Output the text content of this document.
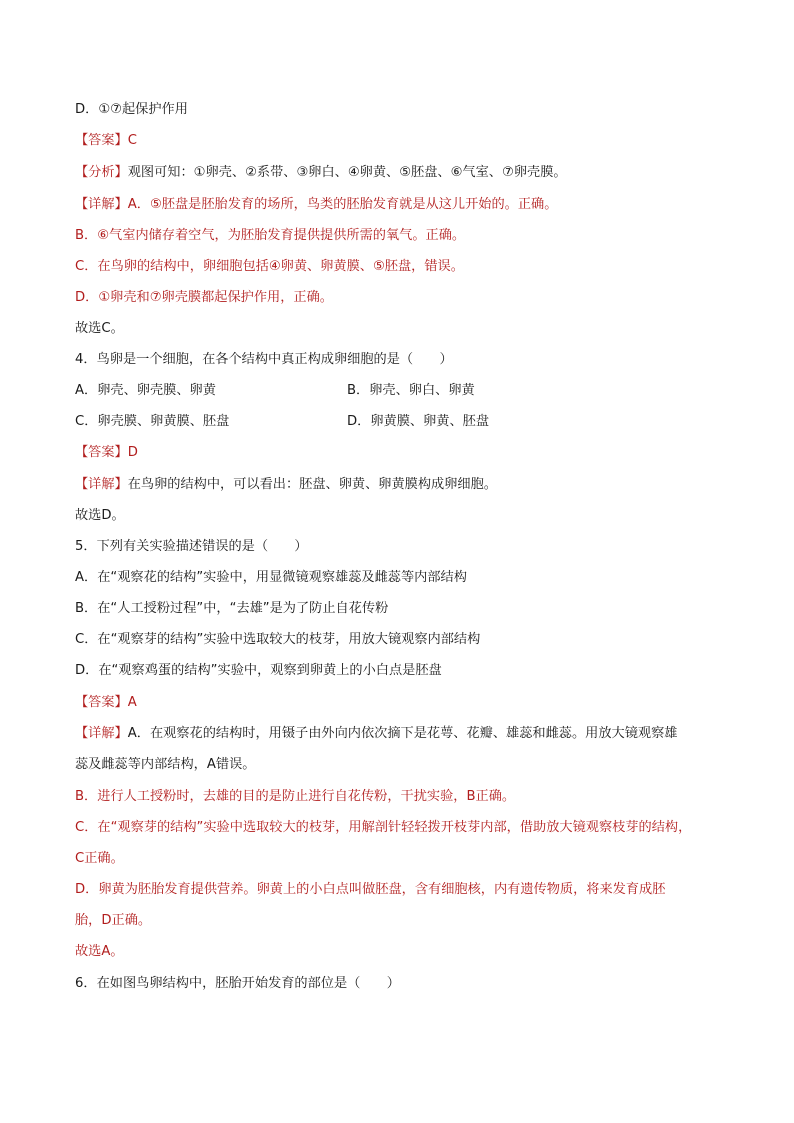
D．①⑦起保护作用
【答案】C
【分析】观图可知：①卵壳、②系带、③卵白、④卵黄、⑤胚盘、⑥气室、⑦卵壳膜。
【详解】A．⑤胚盘是胚胎发育的场所，鸟类的胚胎发育就是从这儿开始的。正确。
B．⑥气室内储存着空气，为胚胎发育提供提供所需的氧气。正确。
C．在鸟卵的结构中，卵细胞包括④卵黄、卵黄膜、⑤胚盘，错误。
D．①卵壳和⑦卵壳膜都起保护作用，正确。
故选C。
4．鸟卵是一个细胞，在各个结构中真正构成卵细胞的是（　　）
A．卵壳、卵壳膜、卵黄	B．卵壳、卵白、卵黄
C．卵壳膜、卵黄膜、胚盘	D．卵黄膜、卵黄、胚盘
【答案】D
【详解】在鸟卵的结构中，可以看出：胚盘、卵黄、卵黄膜构成卵细胞。
故选D。
5．下列有关实验描述错误的是（　　）
A．在“观察花的结构”实验中，用显微镜观察雄蕊及雌蕊等内部结构
B．在“人工授粉过程”中，“去雄”是为了防止自花传粉
C．在“观察芽的结构”实验中选取较大的枝芽，用放大镜观察内部结构
D．在“观察鸡蛋的结构”实验中，观察到卵黄上的小白点是胚盘
【答案】A
【详解】A．在观察花的结构时，用镊子由外向内依次摘下是花萼、花瓣、雄蕊和雌蕊。用放大镜观察雄
蕊及雌蕊等内部结构，A错误。
B．进行人工授粉时，去雄的目的是防止进行自花传粉，干扰实验，B正确。
C．在“观察芽的结构”实验中选取较大的枝芽，用解剖针轻轻拨开枝芽内部，借助放大镜观察枝芽的结构，
C正确。
D．卵黄为胚胎发育提供营养。卵黄上的小白点叫做胚盘，含有细胞核，内有遗传物质，将来发育成胚
胎，D正确。
故选A。
6．在如图鸟卵结构中，胚胎开始发育的部位是（　　）
